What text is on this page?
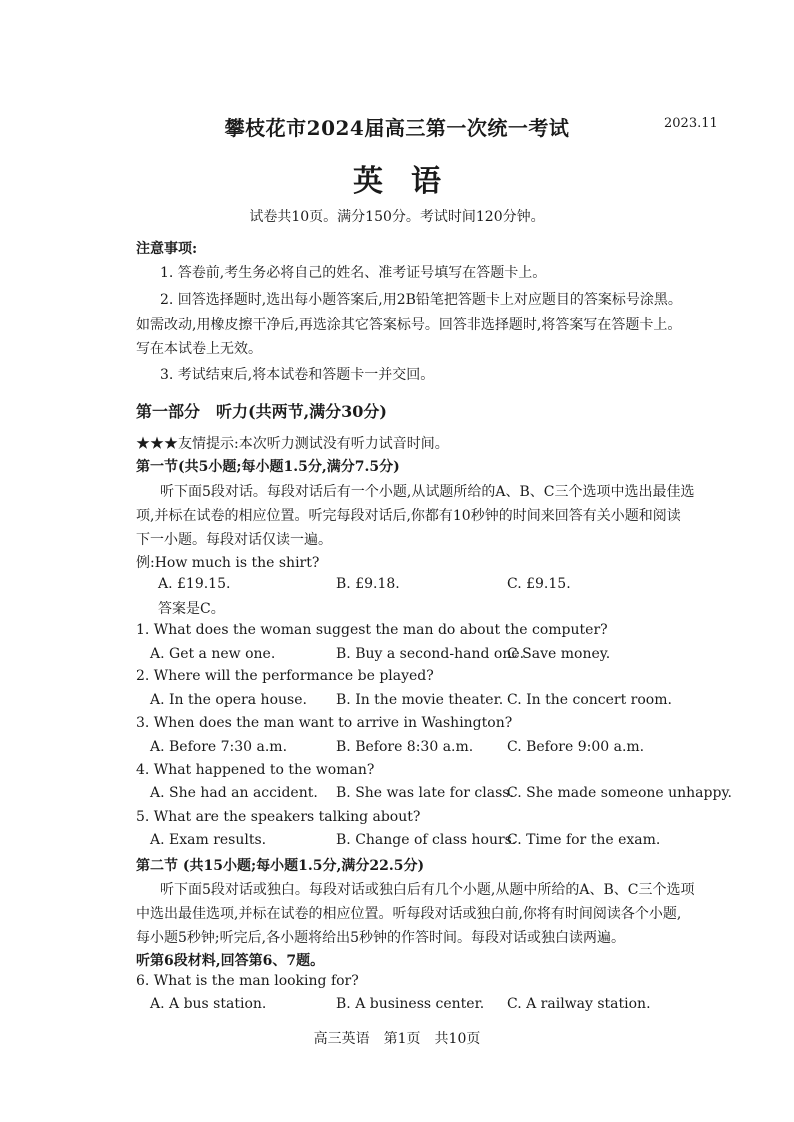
攀枝花市2024届高三第一次统一考试	2023.11
英语
试卷共10页。满分150分。考试时间120分钟。
注意事项:
1. 答卷前,考生务必将自己的姓名、准考证号填写在答题卡上。
2. 回答选择题时,选出每小题答案后,用2B铅笔把答题卡上对应题目的答案标号涂黑。
如需改动,用橡皮擦干净后,再选涂其它答案标号。回答非选择题时,将答案写在答题卡上。
写在本试卷上无效。
3. 考试结束后,将本试卷和答题卡一并交回。
第一部分　听力(共两节,满分30分)
★★★友情提示:本次听力测试没有听力试音时间。
第一节(共5小题;每小题1.5分,满分7.5分)
听下面5段对话。每段对话后有一个小题,从试题所给的A、B、C三个选项中选出最佳选
项,并标在试卷的相应位置。听完每段对话后,你都有10秒钟的时间来回答有关小题和阅读
下一小题。每段对话仅读一遍。
例:How much is the shirt?
A. £19.15.	B. £9.18.	C. £9.15.
答案是C。
1. What does the woman suggest the man do about the computer?
A. Get a new one.	B. Buy a second-hand one.
C Save money.
2. Where will the performance be played?
A. In the opera house. B. In the movie theater. C. In the concert room.
3. When does the man want to arrive in Washington?
A. Before 7:30 a.m.	B. Before 8:30 a.m. C. Before 9:00 a.m.
4. What happened to the woman?
A. She had an accident. B. She was late for class.
C. She made someone unhappy.
5. What are the speakers talking about?
A. Exam results.	B. Change of class hours.
C. Time for the exam.
第二节 (共15小题;每小题1.5分,满分22.5分)
听下面5段对话或独白。每段对话或独白后有几个小题,从题中所给的A、B、C三个选项
中选出最佳选项,并标在试卷的相应位置。听每段对话或独白前,你将有时间阅读各个小题,
每小题5秒钟;听完后,各小题将给出5秒钟的作答时间。每段对话或独白读两遍。
听第6段材料,回答第6、7题。
6. What is the man looking for?
A. A bus station.	B. A business center. C. A railway station.
高三英语　第1页　共10页
